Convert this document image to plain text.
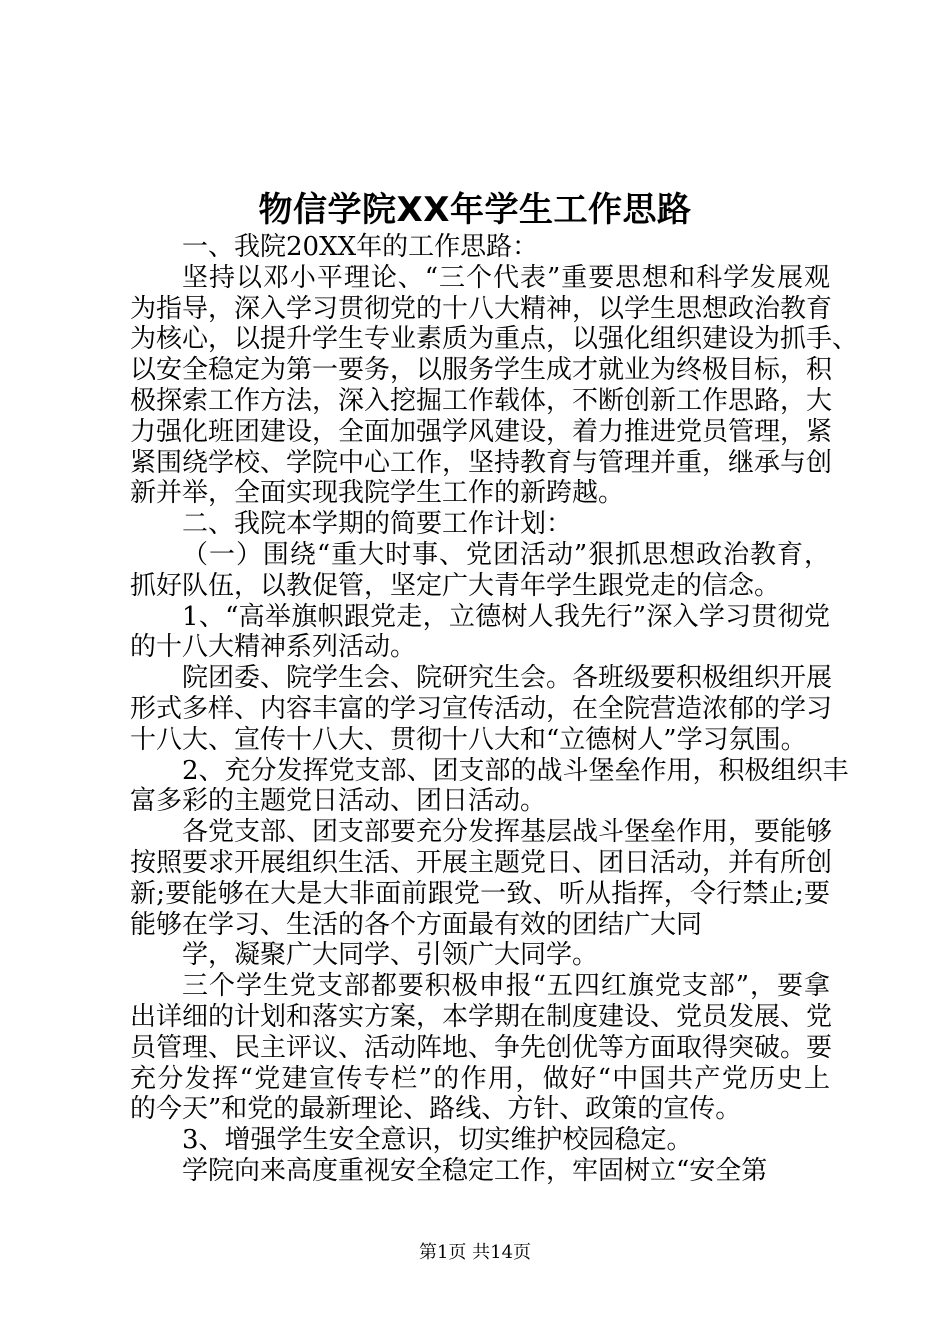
物信学院XX年学生工作思路
一、我院20XX年的工作思路：
坚持以邓小平理论、“三个代表”重要思想和科学发展观
为指导，深入学习贯彻党的十八大精神，以学生思想政治教育
为核心，以提升学生专业素质为重点，以强化组织建设为抓手、
以安全稳定为第一要务，以服务学生成才就业为终极目标，积
极探索工作方法，深入挖掘工作载体，不断创新工作思路，大
力强化班团建设，全面加强学风建设，着力推进党员管理，紧
紧围绕学校、学院中心工作，坚持教育与管理并重，继承与创
新并举，全面实现我院学生工作的新跨越。
二、我院本学期的简要工作计划：
（一）围绕“重大时事、党团活动”狠抓思想政治教育，
抓好队伍，以教促管，坚定广大青年学生跟党走的信念。
1、“高举旗帜跟党走，立德树人我先行”深入学习贯彻党
的十八大精神系列活动。
院团委、院学生会、院研究生会。各班级要积极组织开展
形式多样、内容丰富的学习宣传活动，在全院营造浓郁的学习
十八大、宣传十八大、贯彻十八大和“立德树人”学习氛围。
2、充分发挥党支部、团支部的战斗堡垒作用，积极组织丰
富多彩的主题党日活动、团日活动。
各党支部、团支部要充分发挥基层战斗堡垒作用，要能够
按照要求开展组织生活、开展主题党日、团日活动，并有所创
新;要能够在大是大非面前跟党一致、听从指挥，令行禁止;要
能够在学习、生活的各个方面最有效的团结广大同
学，凝聚广大同学、引领广大同学。
三个学生党支部都要积极申报“五四红旗党支部”，要拿
出详细的计划和落实方案，本学期在制度建设、党员发展、党
员管理、民主评议、活动阵地、争先创优等方面取得突破。要
充分发挥“党建宣传专栏”的作用，做好“中国共产党历史上
的今天”和党的最新理论、路线、方针、政策的宣传。
3、增强学生安全意识，切实维护校园稳定。
学院向来高度重视安全稳定工作，牢固树立“安全第
第1页 共14页
